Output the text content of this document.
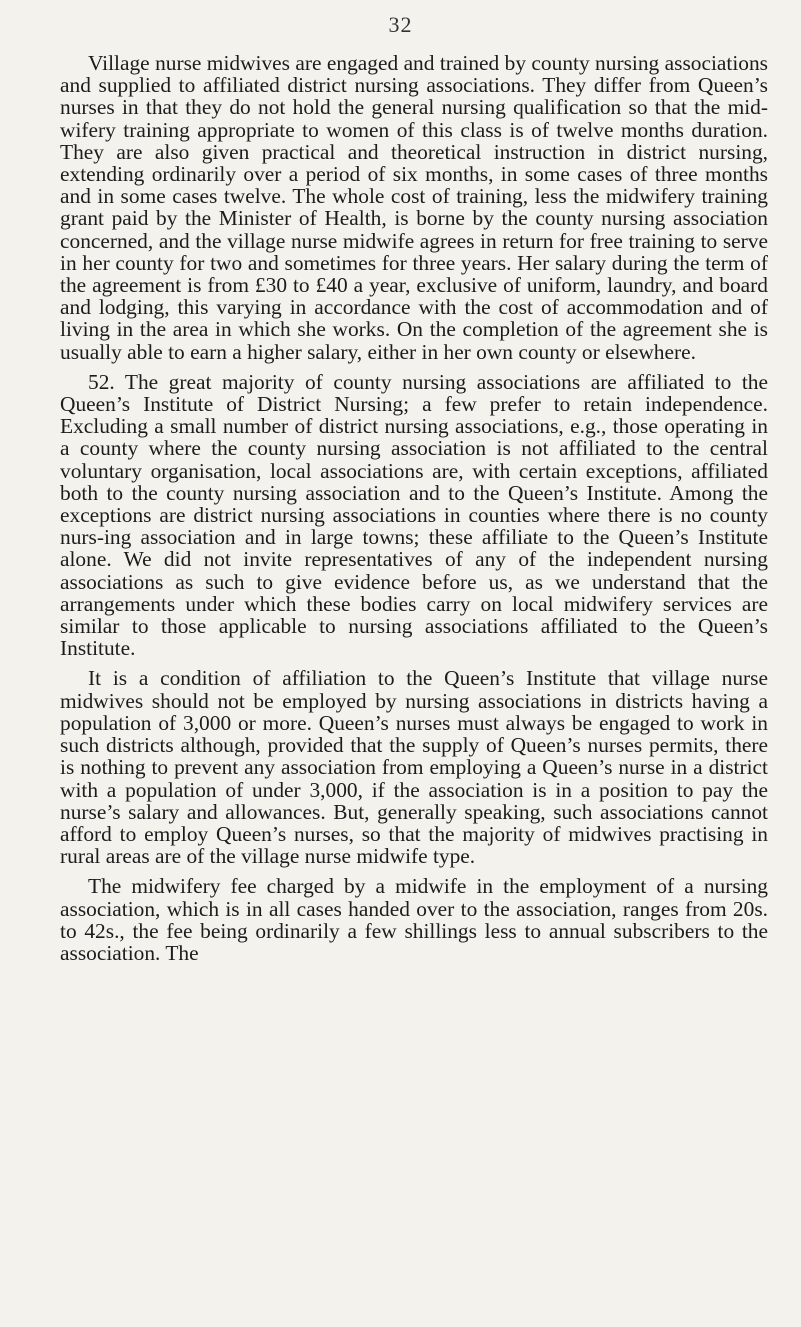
32

Village nurse midwives are engaged and trained by county nursing associations and supplied to affiliated district nursing associations. They differ from Queen’s nurses in that they do not hold the general nursing qualification so that the mid-wifery training appropriate to women of this class is of twelve months duration. They are also given practical and theoretical instruction in district nursing, extending ordinarily over a period of six months, in some cases of three months and in some cases twelve. The whole cost of training, less the midwifery training grant paid by the Minister of Health, is borne by the county nursing association concerned, and the village nurse midwife agrees in return for free training to serve in her county for two and sometimes for three years. Her salary during the term of the agreement is from £30 to £40 a year, exclusive of uniform, laundry, and board and lodging, this varying in accordance with the cost of accommodation and of living in the area in which she works. On the completion of the agreement she is usually able to earn a higher salary, either in her own county or elsewhere.

52. The great majority of county nursing associations are affiliated to the Queen’s Institute of District Nursing; a few prefer to retain independence. Excluding a small number of district nursing associations, e.g., those operating in a county where the county nursing association is not affiliated to the central voluntary organisation, local associations are, with certain exceptions, affiliated both to the county nursing association and to the Queen’s Institute. Among the exceptions are district nursing associations in counties where there is no county nurs-ing association and in large towns; these affiliate to the Queen’s Institute alone. We did not invite representatives of any of the independent nursing associations as such to give evidence before us, as we understand that the arrangements under which these bodies carry on local midwifery services are similar to those applicable to nursing associations affiliated to the Queen’s Institute.

It is a condition of affiliation to the Queen’s Institute that village nurse midwives should not be employed by nursing associations in districts having a population of 3,000 or more. Queen’s nurses must always be engaged to work in such districts although, provided that the supply of Queen’s nurses permits, there is nothing to prevent any association from employing a Queen’s nurse in a district with a population of under 3,000, if the association is in a position to pay the nurse’s salary and allowances. But, generally speaking, such associations cannot afford to employ Queen’s nurses, so that the majority of midwives practising in rural areas are of the village nurse midwife type.

The midwifery fee charged by a midwife in the employment of a nursing association, which is in all cases handed over to the association, ranges from 20s. to 42s., the fee being ordinarily a few shillings less to annual subscribers to the association. The
